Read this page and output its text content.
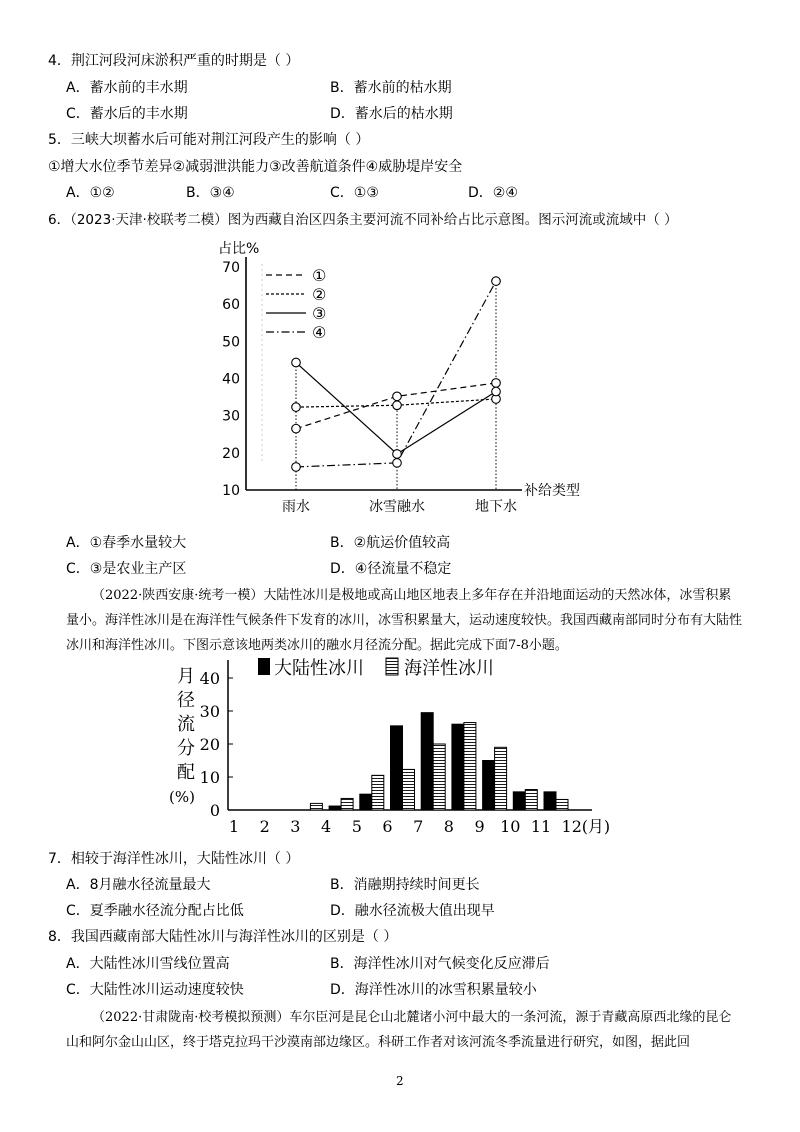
4．荆江河段河床淤积严重的时期是（ ）
A．蓄水前的丰水期	B．蓄水前的枯水期
C．蓄水后的丰水期	D．蓄水后的枯水期
5．三峡大坝蓄水后可能对荆江河段产生的影响（ ）
①增大水位季节差异②减弱泄洪能力③改善航道条件④威胁堤岸安全
A．①②	B．③④	C．①③	D．②④
6．（2023·天津·校联考二模）图为西藏自治区四条主要河流不同补给占比示意图。图示河流或流域中（ ）
占比%
10
20
30
40
50
60
70
雨水	冰雪融水	地下水
补给类型
①
②
③
④
A．①春季水量较大	B．②航运价值较高
C．③是农业主产区	D．④径流量不稳定
（2022·陕西安康·统考一模）大陆性冰川是极地或高山地区地表上多年存在并沿地面运动的天然冰体，冰雪积累量小。海洋性冰川是在海洋性气候条件下发育的冰川，冰雪积累量大，运动速度较快。我国西藏南部同时分布有大陆性冰川和海洋性冰川。下图示意该地两类冰川的融水月径流分配。据此完成下面7-8小题。
月
径
流
分
配
(%)
0
10
20
30
40
1 2 3 4 5 6 7 8 9 10 11 12 (月)
大陆性冰川 海洋性冰川
7．相较于海洋性冰川，大陆性冰川（ ）
A．8月融水径流量最大	B．消融期持续时间更长
C．夏季融水径流分配占比低	D．融水径流极大值出现早
8．我国西藏南部大陆性冰川与海洋性冰川的区别是（ ）
A．大陆性冰川雪线位置高	B．海洋性冰川对气候变化反应滞后
C．大陆性冰川运动速度较快	D．海洋性冰川的冰雪积累量较小
（2022·甘肃陇南·校考模拟预测）车尔臣河是昆仑山北麓诸小河中最大的一条河流，源于青藏高原西北缘的昆仑山和阿尔金山山区，终于塔克拉玛干沙漠南部边缘区。科研工作者对该河流冬季流量进行研究，如图，据此回
2
